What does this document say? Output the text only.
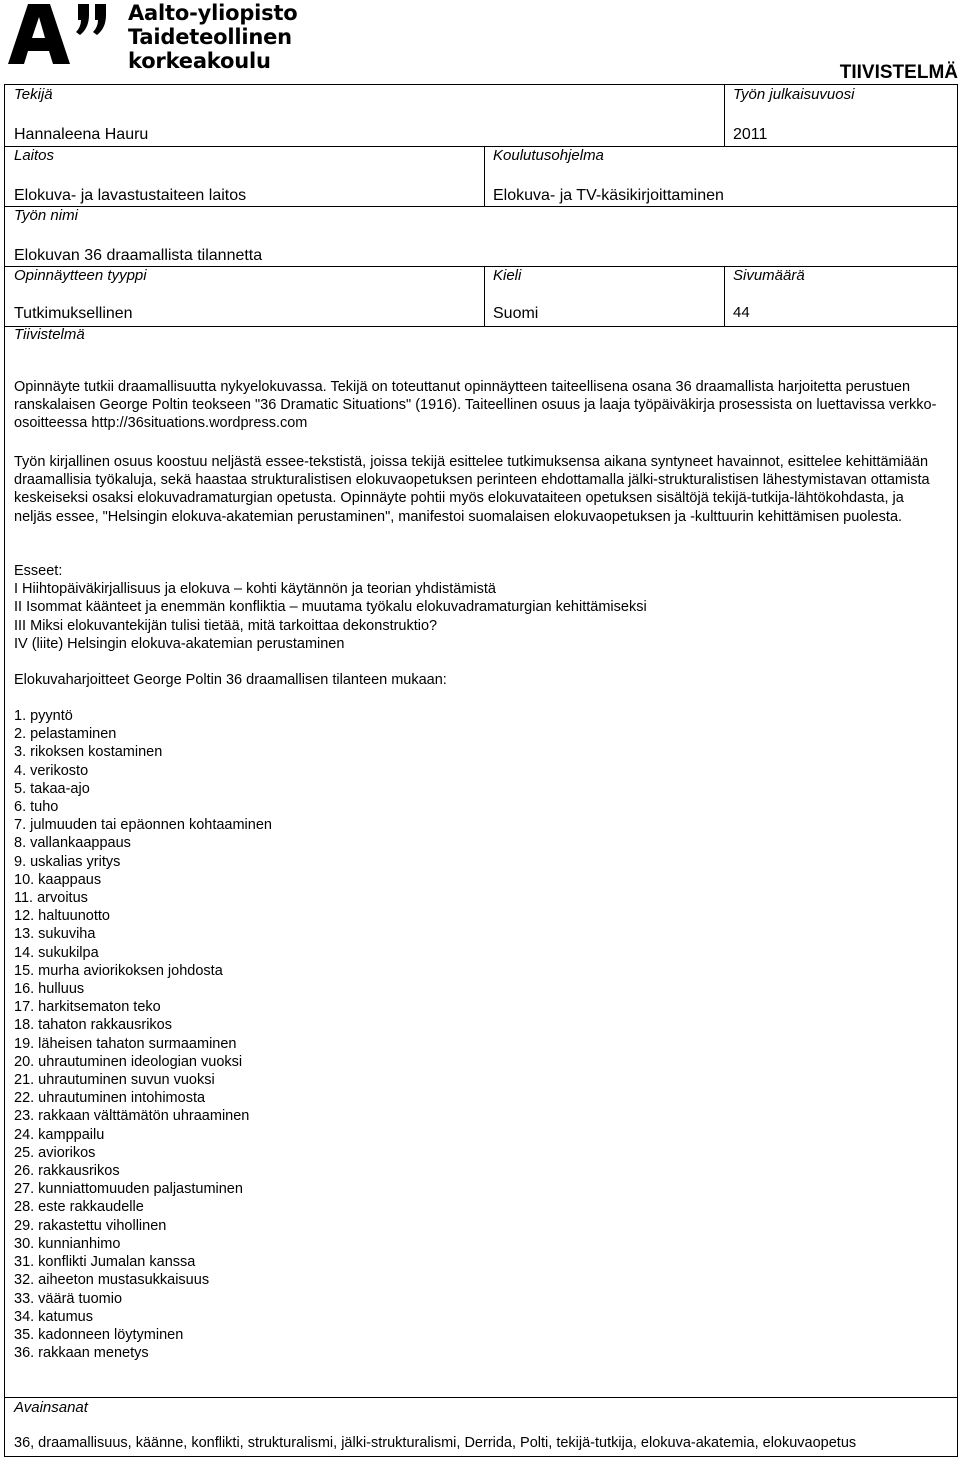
Aalto-yliopisto
Taideteollinen korkeakoulu	TIIVISTELMÄ
Tekijä
Hannaleena Hauru
Työn julkaisuvuosi
2011
Laitos
Elokuva- ja lavastustaiteen laitos
Koulutusohjelma
Elokuva- ja TV-käsikirjoittaminen
Työn nimi
Elokuvan 36 draamallista tilannetta
Opinnäytteen tyyppi
Tutkimuksellinen
Kieli
Suomi
Sivumäärä
44
Tiivistelmä

Opinnäyte tutkii draamallisuutta nykyelokuvassa. Tekijä on toteuttanut opinnäytteen taiteellisena osana 36 draamallista harjoitetta perustuen ranskalaisen George Poltin teokseen "36 Dramatic Situations" (1916). Taiteellinen osuus ja laaja työpäiväkirja prosessista on luettavissa verkko-osoitteessa http://36situations.wordpress.com

Työn kirjallinen osuus koostuu neljästä essee-tekstistä, joissa tekijä esittelee tutkimuksensa aikana syntyneet havainnot, esittelee kehittämiään draamallisia työkaluja, sekä haastaa strukturalistisen elokuvaopetuksen perinteen ehdottamalla jälki-strukturalistisen lähestymistavan ottamista keskeiseksi osaksi elokuvadramaturgian opetusta. Opinnäyte pohtii myös elokuvataiteen opetuksen sisältöjä tekijä-tutkija-lähtökohdasta, ja neljäs essee, "Helsingin elokuva-akatemian perustaminen", manifestoi suomalaisen elokuvaopetuksen ja -kulttuurin kehittämisen puolesta.

Esseet:

I Hiihtopäiväkirjallisuus ja elokuva – kohti käytännön ja teorian yhdistämistä

II Isommat käänteet ja enemmän konfliktia – muutama työkalu elokuvadramaturgian kehittämiseksi

III Miksi elokuvantekijän tulisi tietää, mitä tarkoittaa dekonstruktio?

IV (liite) Helsingin elokuva-akatemian perustaminen

Elokuvaharjoitteet George Poltin 36 draamallisen tilanteen mukaan:

1. pyyntö
2. pelastaminen
3. rikoksen kostaminen
4. verikosto
5. takaa-ajo
6. tuho
7. julmuuden tai epäonnen kohtaaminen
8. vallankaappaus
9. uskalias yritys
10. kaappaus
11. arvoitus
12. haltuunotto
13. sukuviha
14. sukukilpa
15. murha aviorikoksen johdosta
16. hulluus
17. harkitsematon teko
18. tahaton rakkausrikos
19. läheisen tahaton surmaaminen
20. uhrautuminen ideologian vuoksi
21. uhrautuminen suvun vuoksi
22. uhrautuminen intohimosta
23. rakkaan välttämätön uhraaminen
24. kamppailu
25. aviorikos
26. rakkausrikos
27. kunniattomuuden paljastuminen
28. este rakkaudelle
29. rakastettu vihollinen
30. kunnianhimo
31. konflikti Jumalan kanssa
32. aiheeton mustasukkaisuus
33. väärä tuomio
34. katumus
35. kadonneen löytyminen
36. rakkaan menetys
Avainsanat
36, draamallisuus, käänne, konflikti, strukturalismi, jälki-strukturalismi, Derrida, Polti, tekijä-tutkija, elokuva-akatemia, elokuvaopetus
